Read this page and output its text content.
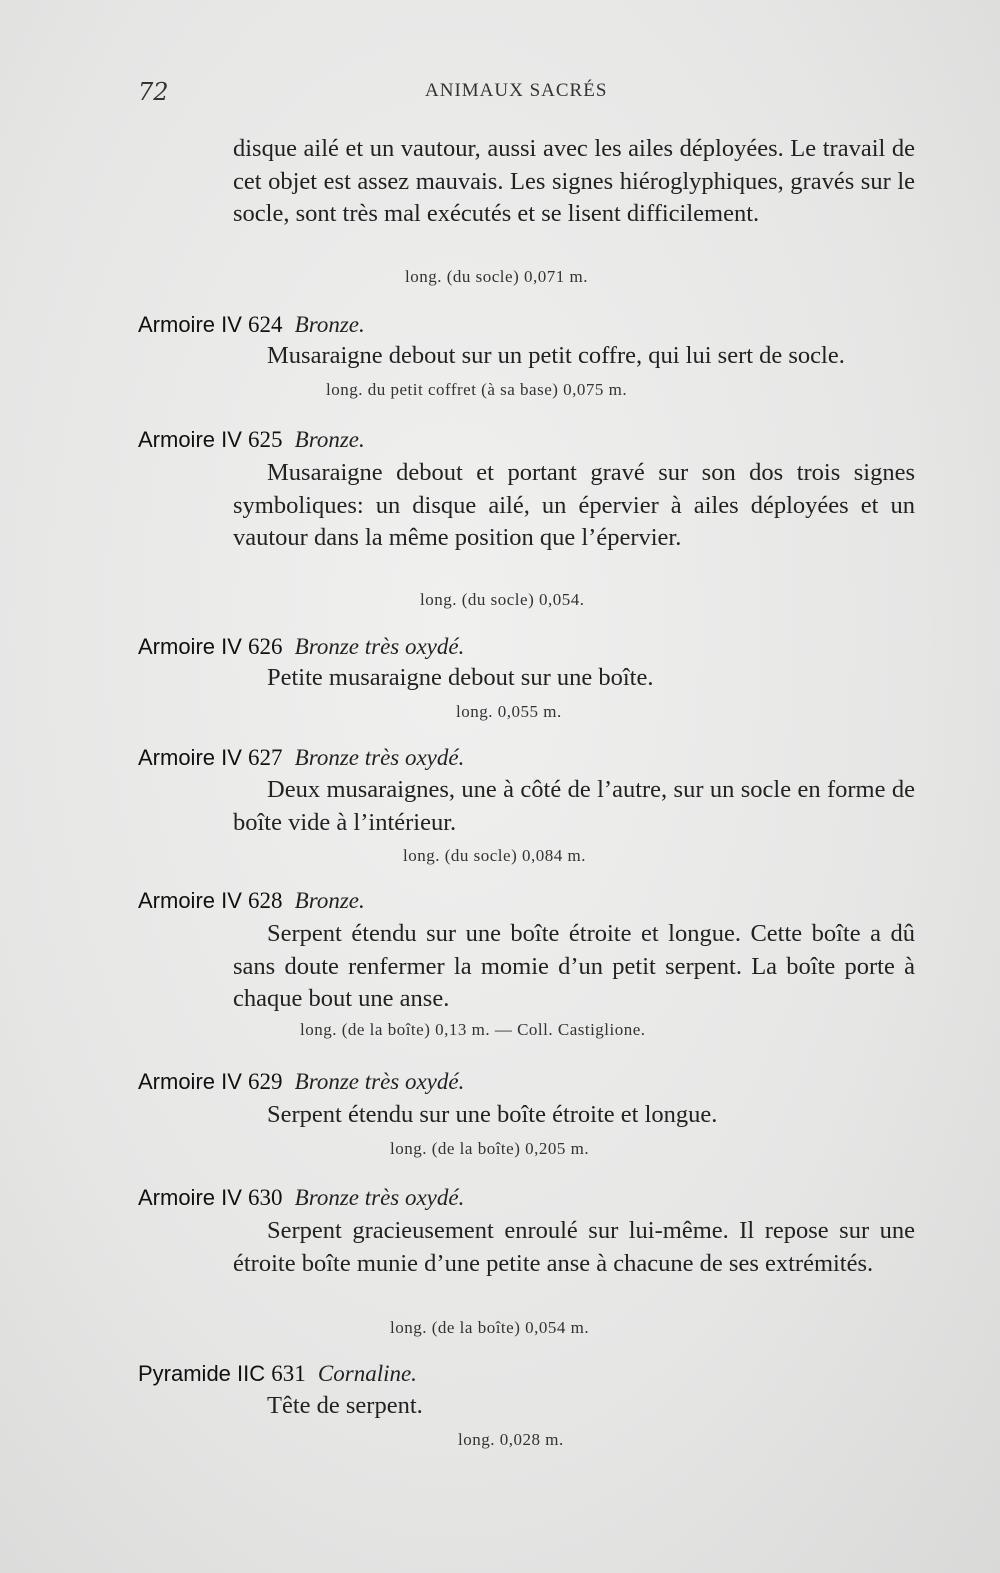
72	ANIMAUX SACRÉS
disque ailé et un vautour, aussi avec les ailes déployées. Le travail de cet objet est assez mauvais. Les signes hiéroglyphiques, gravés sur le socle, sont très mal exécutés et se lisent difficilement.
long. (du socle) 0,071 m.
Armoire IV 624 Bronze.
Musaraigne debout sur un petit coffre, qui lui sert de socle.
long. du petit coffret (à sa base) 0,075 m.
Armoire IV 625 Bronze.
Musaraigne debout et portant gravé sur son dos trois signes symboliques: un disque ailé, un épervier à ailes déployées et un vautour dans la même position que l’épervier.
long. (du socle) 0,054.
Armoire IV 626 Bronze très oxydé.
Petite musaraigne debout sur une boîte.
long. 0,055 m.
Armoire IV 627 Bronze très oxydé.
Deux musaraignes, une à côté de l’autre, sur un socle en forme de boîte vide à l’intérieur.
long. (du socle) 0,084 m.
Armoire IV 628 Bronze.
Serpent étendu sur une boîte étroite et longue. Cette boîte a dû sans doute renfermer la momie d’un petit serpent. La boîte porte à chaque bout une anse.
long. (de la boîte) 0,13 m. — Coll. Castiglione.
Armoire IV 629 Bronze très oxydé.
Serpent étendu sur une boîte étroite et longue.
long. (de la boîte) 0,205 m.
Armoire IV 630 Bronze très oxydé.
Serpent gracieusement enroulé sur lui-même. Il repose sur une étroite boîte munie d’une petite anse à chacune de ses extrémités.
long. (de la boîte) 0,054 m.
Pyramide IIC 631 Cornaline.
Tête de serpent.
long. 0,028 m.
